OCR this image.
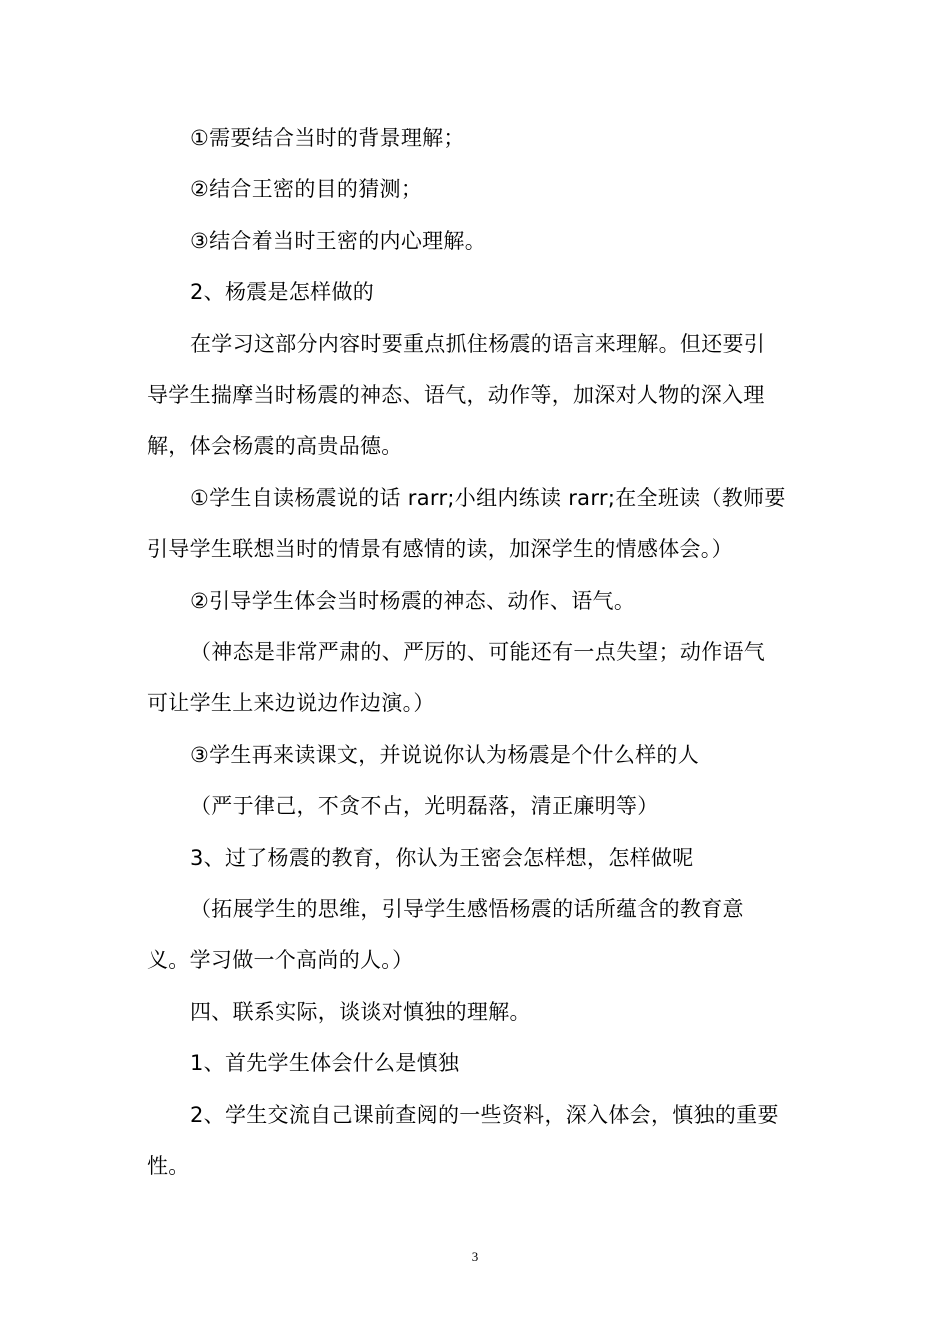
①需要结合当时的背景理解；
②结合王密的目的猜测；
③结合着当时王密的内心理解。
2、杨震是怎样做的
在学习这部分内容时要重点抓住杨震的语言来理解。但还要引
导学生揣摩当时杨震的神态、语气，动作等，加深对人物的深入理
解，体会杨震的高贵品德。
①学生自读杨震说的话 rarr;小组内练读 rarr;在全班读（教师要
引导学生联想当时的情景有感情的读，加深学生的情感体会。）
②引导学生体会当时杨震的神态、动作、语气。
（神态是非常严肃的、严厉的、可能还有一点失望；动作语气
可让学生上来边说边作边演。）
③学生再来读课文，并说说你认为杨震是个什么样的人
（严于律己，不贪不占，光明磊落，清正廉明等）
3、过了杨震的教育，你认为王密会怎样想，怎样做呢
（拓展学生的思维，引导学生感悟杨震的话所蕴含的教育意
义。学习做一个高尚的人。）
四、联系实际，谈谈对慎独的理解。
1、首先学生体会什么是慎独
2、学生交流自己课前查阅的一些资料，深入体会，慎独的重要
性。
3
